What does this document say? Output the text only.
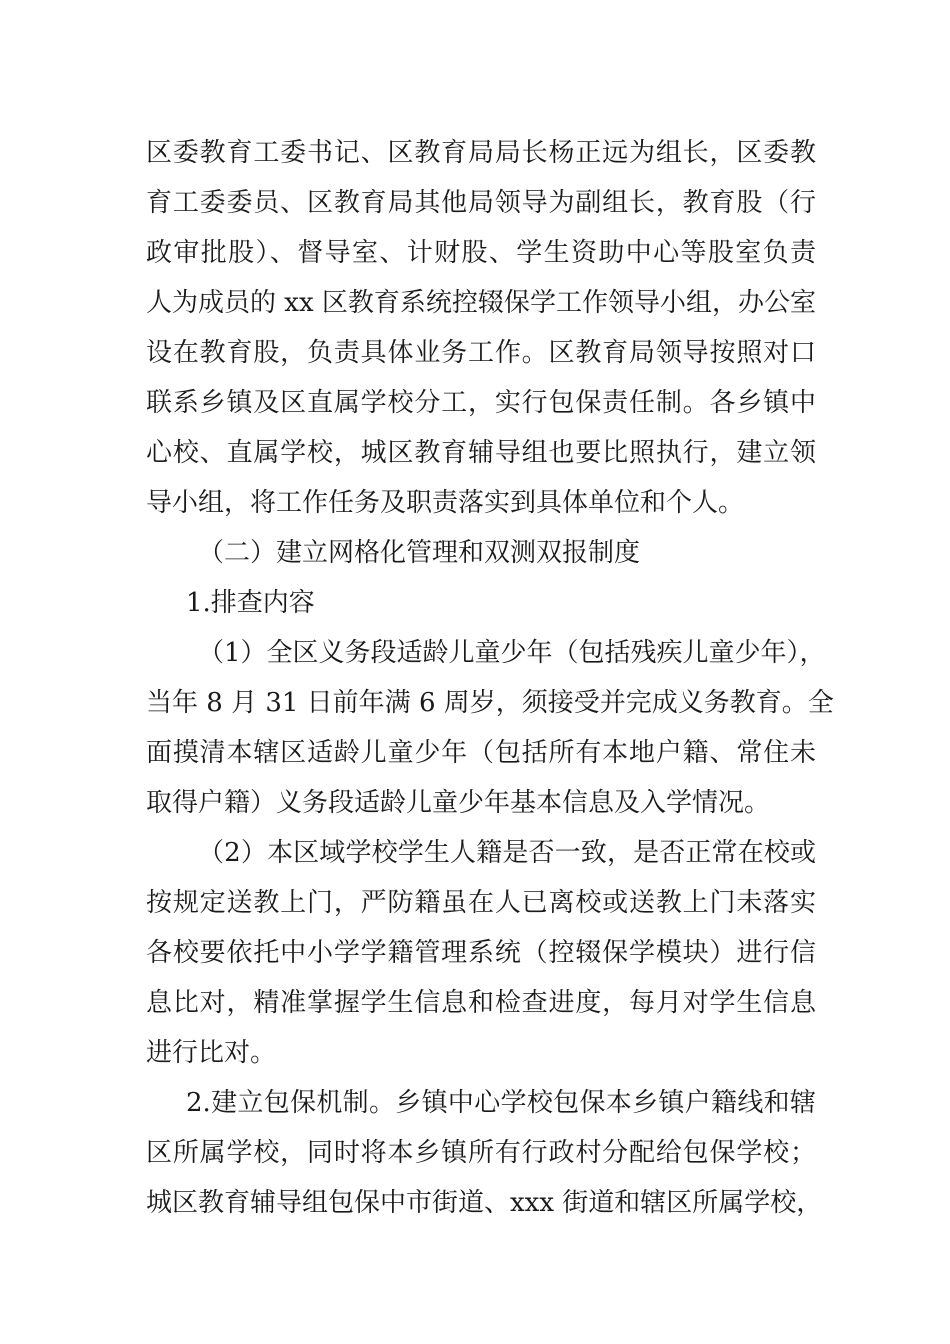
区委教育工委书记、区教育局局长杨正远为组长，区委教
育工委委员、区教育局其他局领导为副组长，教育股（行
政审批股）、督导室、计财股、学生资助中心等股室负责
人为成员的 xx 区教育系统控辍保学工作领导小组，办公室
设在教育股，负责具体业务工作。区教育局领导按照对口
联系乡镇及区直属学校分工，实行包保责任制。各乡镇中
心校、直属学校，城区教育辅导组也要比照执行，建立领
导小组，将工作任务及职责落实到具体单位和个人。
（二）建立网格化管理和双测双报制度
1.排查内容
（1）全区义务段适龄儿童少年（包括残疾儿童少年），
当年 8 月 31 日前年满 6 周岁，须接受并完成义务教育。全
面摸清本辖区适龄儿童少年（包括所有本地户籍、常住未
取得户籍）义务段适龄儿童少年基本信息及入学情况。
（2）本区域学校学生人籍是否一致，是否正常在校或
按规定送教上门，严防籍虽在人已离校或送教上门未落实
各校要依托中小学学籍管理系统（控辍保学模块）进行信
息比对，精准掌握学生信息和检查进度，每月对学生信息
进行比对。
2.建立包保机制。乡镇中心学校包保本乡镇户籍线和辖
区所属学校，同时将本乡镇所有行政村分配给包保学校；
城区教育辅导组包保中市街道、xxx 街道和辖区所属学校，
